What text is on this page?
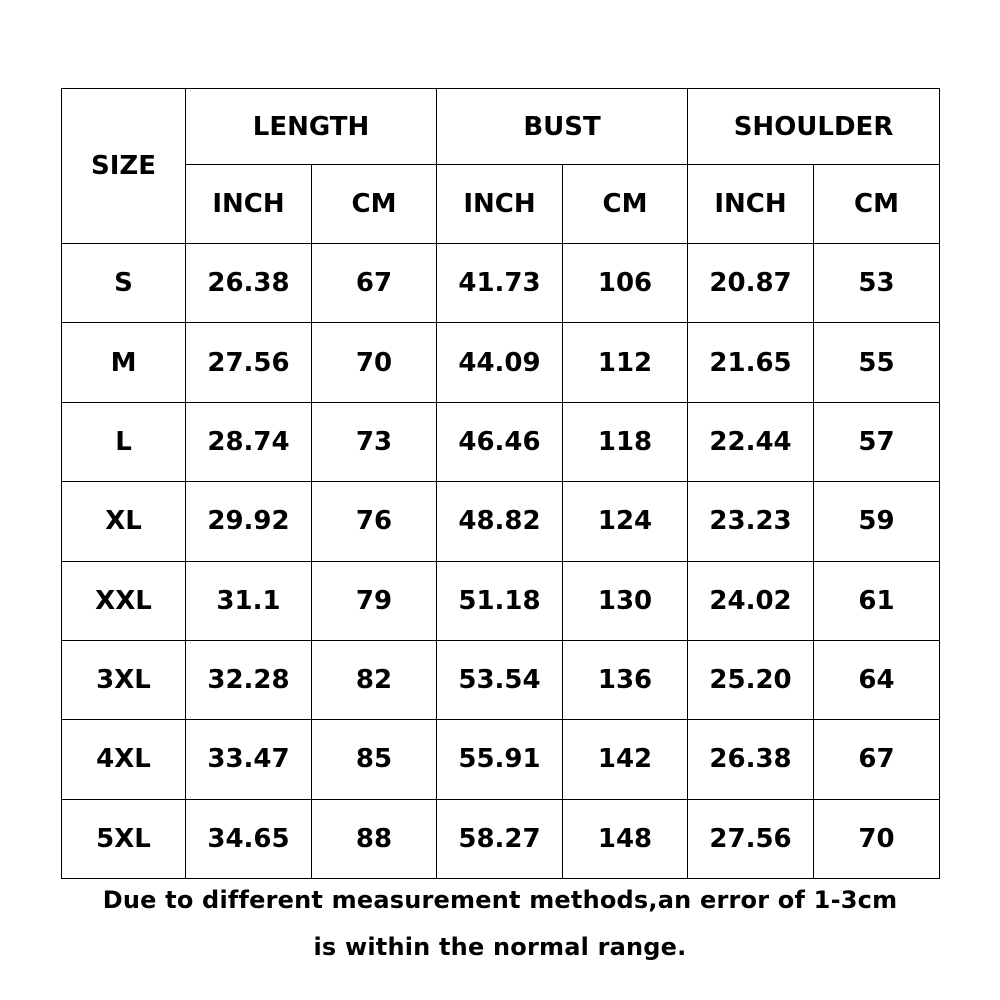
SIZE	LENGTH		BUST		SHOULDER	
	INCH	CM	INCH	CM	INCH	CM
S	26.38	67	41.73	106	20.87	53
M	27.56	70	44.09	112	21.65	55
L	28.74	73	46.46	118	22.44	57
XL	29.92	76	48.82	124	23.23	59
XXL	31.1	79	51.18	130	24.02	61
3XL	32.28	82	53.54	136	25.20	64
4XL	33.47	85	55.91	142	26.38	67
5XL	34.65	88	58.27	148	27.56	70
Due to different measurement methods,an error of 1-3cm
is within the normal range.
